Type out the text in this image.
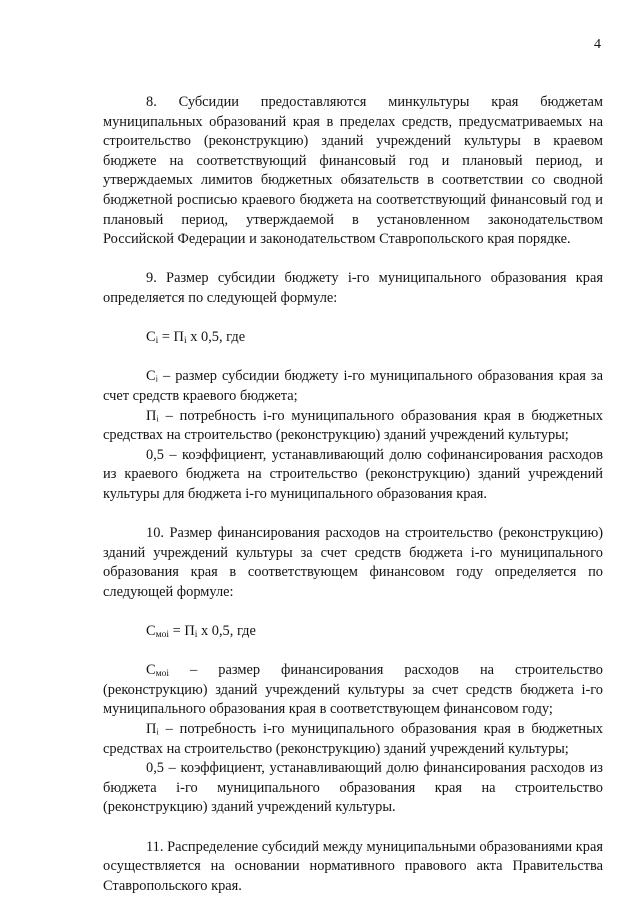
4

8. Субсидии предоставляются минкультуры края бюджетам муниципальных образований края в пределах средств, предусматриваемых на строительство (реконструкцию) зданий учреждений культуры в краевом бюджете на соответствующий финансовый год и плановый период, и утверждаемых лимитов бюджетных обязательств в соответствии со сводной бюджетной росписью краевого бюджета на соответствующий финансовый год и плановый период, утверждаемой в установленном законодательством Российской Федерации и законодательством Ставропольского края порядке.

9. Размер субсидии бюджету i-го муниципального образования края определяется по следующей формуле:

$C_i = П_i$ x 0,5, где

Cᵢ – размер субсидии бюджету i-го муниципального образования края за счет средств краевого бюджета;

Пᵢ – потребность i-го муниципального образования края в бюджетных средствах на строительство (реконструкцию) зданий учреждений культуры;

0,5 – коэффициент, устанавливающий долю софинансирования расходов из краевого бюджета на строительство (реконструкцию) зданий учреждений культуры для бюджета i-го муниципального образования края.

10. Размер финансирования расходов на строительство (реконструкцию) зданий учреждений культуры за счет средств бюджета i-го муниципального образования края в соответствующем финансовом году определяется по следующей формуле:

$C_{моi} = П_i$ x 0,5, где

$C_{моi}$ – размер финансирования расходов на строительство (реконструкцию) зданий учреждений культуры за счет средств бюджета i-го муниципального образования края в соответствующем финансовом году;

Пᵢ – потребность i-го муниципального образования края в бюджетных средствах на строительство (реконструкцию) зданий учреждений культуры;

0,5 – коэффициент, устанавливающий долю финансирования расходов из бюджета i-го муниципального образования края на строительство (реконструкцию) зданий учреждений культуры.

11. Распределение субсидий между муниципальными образованиями края осуществляется на основании нормативного правового акта Правительства Ставропольского края.
